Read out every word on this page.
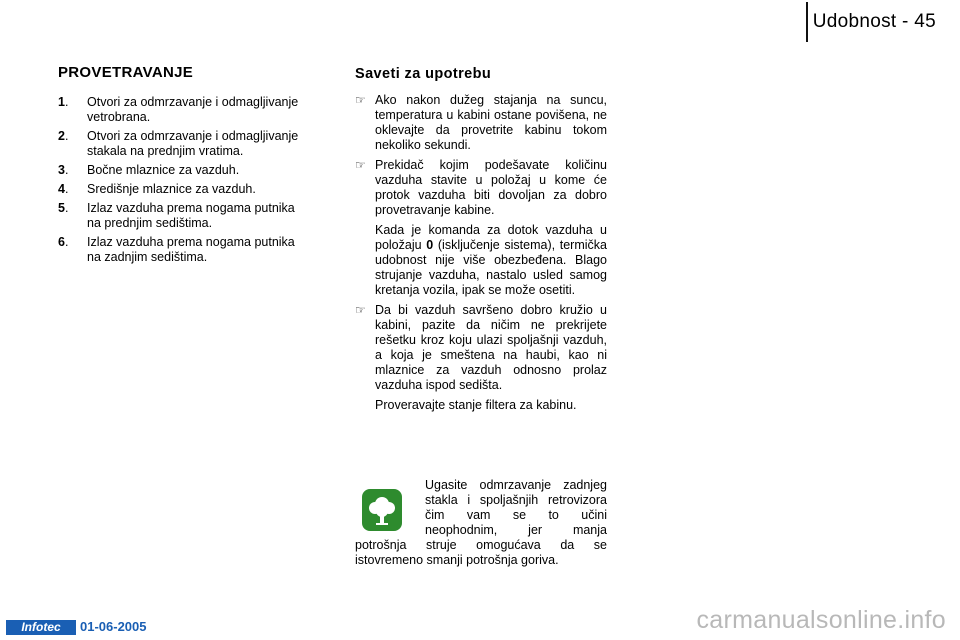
Udobnost - 45
PROVETRAVANJE
1.	Otvori za odmrzavanje i odmagljivanje vetrobrana.
2.	Otvori za odmrzavanje i odmagljivanje stakala na prednjim vratima.
3.	Bočne mlaznice za vazduh.
4.	Središnje mlaznice za vazduh.
5.	Izlaz vazduha prema nogama putnika na prednjim sedištima.
6.	Izlaz vazduha prema nogama putnika na zadnjim sedištima.
Saveti za upotrebu
☞ Ako nakon dužeg stajanja na suncu, temperatura u kabini ostane povišena, ne oklevajte da provetrite kabinu tokom nekoliko sekundi.

☞ Prekidač kojim podešavate količinu vazduha stavite u položaj u kome će protok vazduha biti dovoljan za dobro provetravanje kabine.

Kada je komanda za dotok vazduha u položaju 0 (isključenje sistema), termička udobnost nije više obezbeđena. Blago strujanje vazduha, nastalo usled samog kretanja vozila, ipak se može osetiti.

☞ Da bi vazduh savršeno dobro kružio u kabini, pazite da ničim ne prekrijete rešetku kroz koju ulazi spoljašnji vazduh, a koja je smeštena na haubi, kao ni mlaznice za vazduh odnosno prolaz vazduha ispod sedišta.

Proveravajte stanje filtera za kabinu.

Ugasite odmrzavanje zadnjeg stakla i spoljašnjih retrovizora čim vam se to učini neophodnim, jer manja potrošnja struje omogućava da se istovremeno smanji potrošnja goriva.
Infotec	01-06-2005	carmanualsonline.info
